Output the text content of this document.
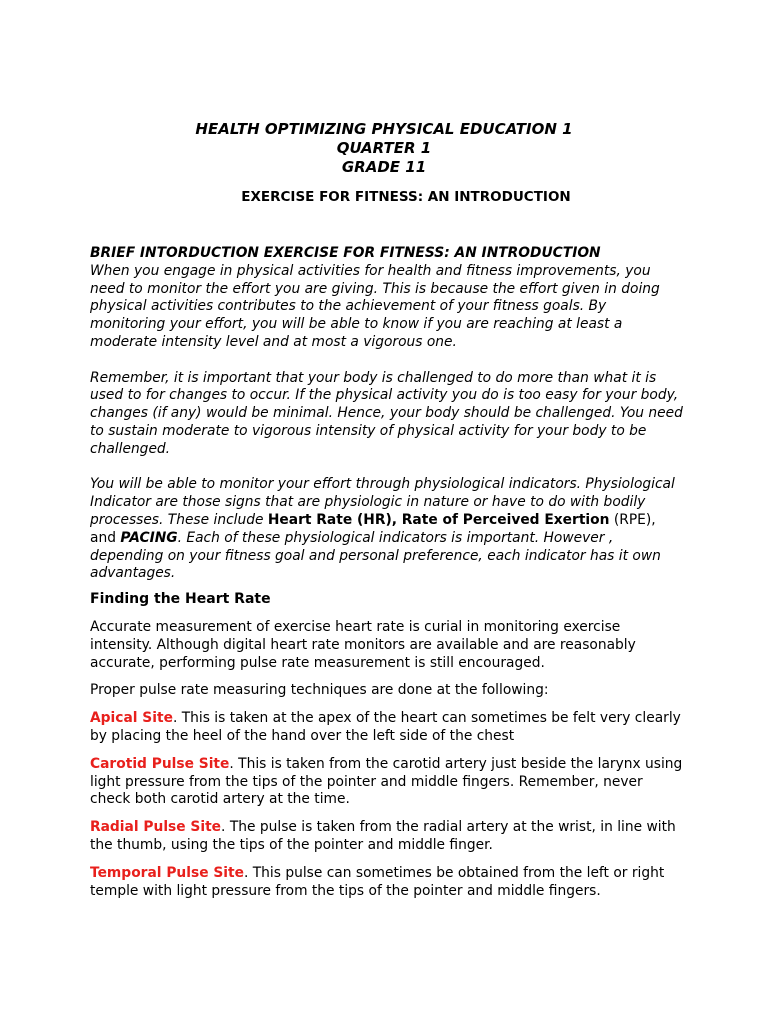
HEALTH OPTIMIZING PHYSICAL EDUCATION 1
QUARTER 1
GRADE 11
EXERCISE FOR FITNESS: AN INTRODUCTION

BRIEF INTORDUCTION EXERCISE FOR FITNESS: AN INTRODUCTION
When you engage in physical activities for health and fitness improvements, you need to monitor the effort you are giving. This is because the effort given in doing physical activities contributes to the achievement of your fitness goals. By monitoring your effort, you will be able to know if you are reaching at least a moderate intensity level and at most a vigorous one.

Remember, it is important that your body is challenged to do more than what it is used to for changes to occur. If the physical activity you do is too easy for your body, changes (if any) would be minimal. Hence, your body should be challenged. You need to sustain moderate to vigorous intensity of physical activity for your body to be challenged.

You will be able to monitor your effort through physiological indicators. Physiological Indicator are those signs that are physiologic in nature or have to do with bodily processes. These include Heart Rate (HR), Rate of Perceived Exertion (RPE), and PACING. Each of these physiological indicators is important. However , depending on your fitness goal and personal preference, each indicator has it own advantages.

Finding the Heart Rate

Accurate measurement of exercise heart rate is curial in monitoring exercise intensity. Although digital heart rate monitors are available and are reasonably accurate, performing pulse rate measurement is still encouraged.

Proper pulse rate measuring techniques are done at the following:

Apical Site. This is taken at the apex of the heart can sometimes be felt very clearly by placing the heel of the hand over the left side of the chest

Carotid Pulse Site. This is taken from the carotid artery just beside the larynx using light pressure from the tips of the pointer and middle fingers. Remember, never check both carotid artery at the time.

Radial Pulse Site. The pulse is taken from the radial artery at the wrist, in line with the thumb, using the tips of the pointer and middle finger.

Temporal Pulse Site. This pulse can sometimes be obtained from the left or right temple with light pressure from the tips of the pointer and middle fingers.
